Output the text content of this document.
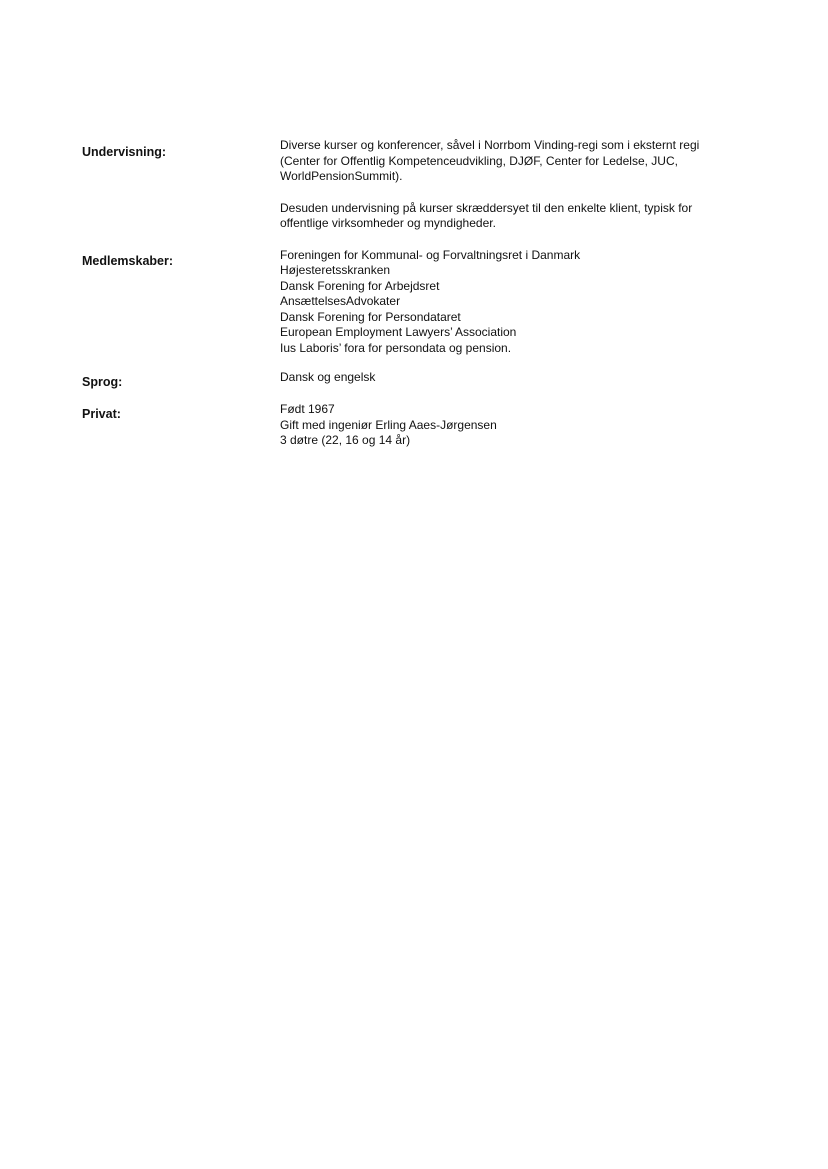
Undervisning:	Diverse kurser og konferencer, såvel i Norrbom Vinding-regi som i eksternt regi
(Center for Offentlig Kompetenceudvikling, DJØF, Center for Ledelse, JUC,
WorldPensionSummit).

Desuden undervisning på kurser skræddersyet til den enkelte klient, typisk for
offentlige virksomheder og myndigheder.

Medlemskaber:	Foreningen for Kommunal- og Forvaltningsret i Danmark
Højesteretsskranken
Dansk Forening for Arbejdsret
AnsættelsesAdvokater
Dansk Forening for Persondataret
European Employment Lawyers’ Association
Ius Laboris’ fora for persondata og pension.
Sprog:	Dansk og engelsk

Privat:	Født 1967
Gift med ingeniør Erling Aaes-Jørgensen
3 døtre (22, 16 og 14 år)
